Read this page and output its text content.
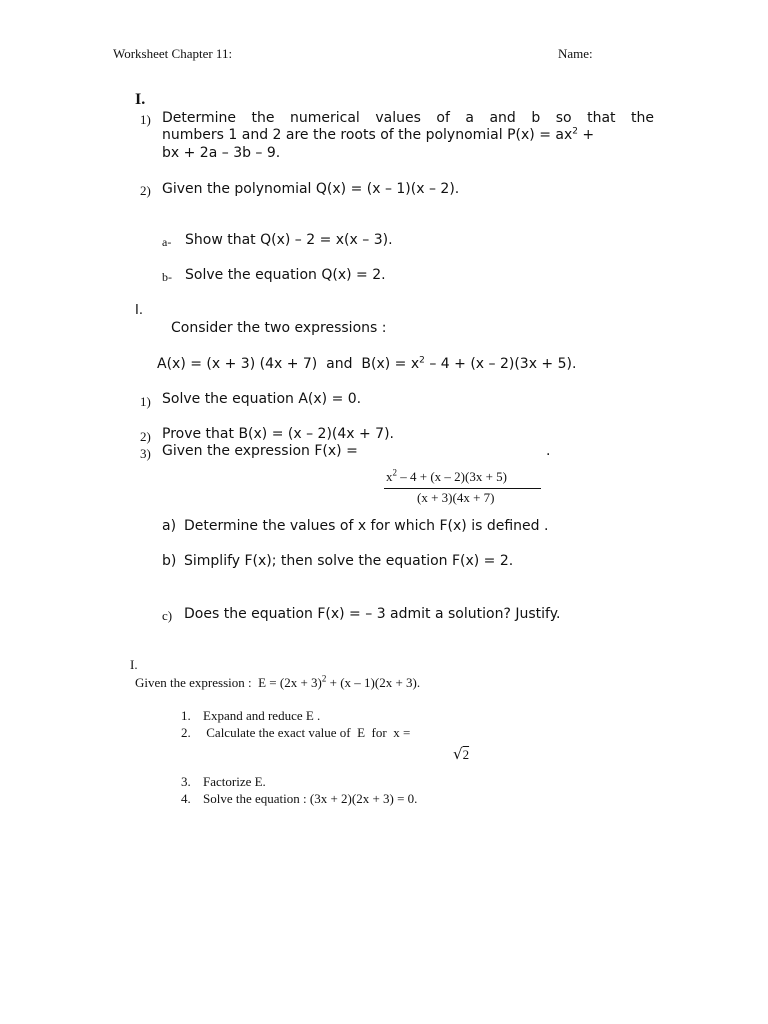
Worksheet Chapter 11:	Name:
I.
1) Determine the numerical values of a and b so that the
numbers 1 and 2 are the roots of the polynomial $P(x) = ax^2$ +
bx + 2a – 3b – 9.
2) Given the polynomial Q(x) = (x – 1)(x – 2).
a- Show that Q(x) – 2 = x(x – 3).
b- Solve the equation Q(x) = 2.
I.
Consider the two expressions :
A(x) = (x + 3) (4x + 7)  and  $B(x) = x^2 - 4 + (x - 2)(3x + 5)$.
1) Solve the equation A(x) = 0.
2) Prove that B(x) = (x – 2)(4x + 7).
3) Given the expression F(x) =	.
$x^2 - 4 + (x - 2)(3x + 5)$
(x + 3)(4x + 7)
a) Determine the values of x for which F(x) is defined .
b) Simplify F(x); then solve the equation F(x) = 2.
c) Does the equation F(x) = – 3 admit a solution? Justify.
I.
Given the expression :  $E = (2x + 3)^2 + (x - 1)(2x + 3)$.
1. Expand and reduce E .
2. Calculate the exact value of  E  for  x =
√2
3. Factorize E.
4. Solve the equation : (3x + 2)(2x + 3) = 0.
